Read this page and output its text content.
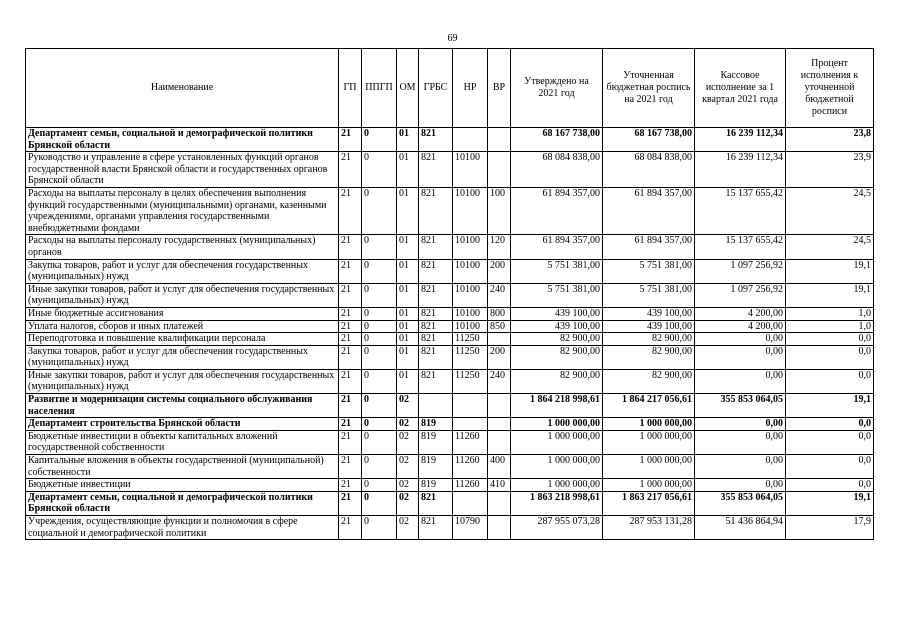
69
Наименование	ГП	ППГП	ОМ	ГРБС	НР	ВР	Утверждено на 2021 год	Уточненная бюджетная роспись на 2021 год	Кассовое исполнение за 1 квартал 2021 года	Процент исполнения к уточненной бюджетной росписи
Департамент семьи, социальной и демографической политики Брянской области	21	0	01	821			68 167 738,00	68 167 738,00	16 239 112,34	23,8
Руководство и управление в сфере установленных функций органов государственной власти Брянской области и государственных органов Брянской области	21	0	01	821	10100		68 084 838,00	68 084 838,00	16 239 112,34	23,9
Расходы на выплаты персоналу в целях обеспечения выполнения функций государственными (муниципальными) органами, казенными учреждениями, органами управления государственными внебюджетными фондами	21	0	01	821	10100	100	61 894 357,00	61 894 357,00	15 137 655,42	24,5
Расходы на выплаты персоналу государственных (муниципальных) органов	21	0	01	821	10100	120	61 894 357,00	61 894 357,00	15 137 655,42	24,5
Закупка товаров, работ и услуг для обеспечения государственных (муниципальных) нужд	21	0	01	821	10100	200	5 751 381,00	5 751 381,00	1 097 256,92	19,1
Иные закупки товаров, работ и услуг для обеспечения государственных (муниципальных) нужд	21	0	01	821	10100	240	5 751 381,00	5 751 381,00	1 097 256,92	19,1
Иные бюджетные ассигнования	21	0	01	821	10100	800	439 100,00	439 100,00	4 200,00	1,0
Уплата налогов, сборов и иных платежей	21	0	01	821	10100	850	439 100,00	439 100,00	4 200,00	1,0
Переподготовка и повышение квалификации персонала	21	0	01	821	11250		82 900,00	82 900,00	0,00	0,0
Закупка товаров, работ и услуг для обеспечения государственных (муниципальных) нужд	21	0	01	821	11250	200	82 900,00	82 900,00	0,00	0,0
Иные закупки товаров, работ и услуг для обеспечения государственных (муниципальных) нужд	21	0	01	821	11250	240	82 900,00	82 900,00	0,00	0,0
Развитие и модернизация системы социального обслуживания населения	21	0	02				1 864 218 998,61	1 864 217 056,61	355 853 064,05	19,1
Департамент строительства Брянской области	21	0	02	819			1 000 000,00	1 000 000,00	0,00	0,0
Бюджетные инвестиции в объекты капитальных вложений государственной собственности	21	0	02	819	11260		1 000 000,00	1 000 000,00	0,00	0,0
Капитальные вложения в объекты государственной (муниципальной) собственности	21	0	02	819	11260	400	1 000 000,00	1 000 000,00	0,00	0,0
Бюджетные инвестиции	21	0	02	819	11260	410	1 000 000,00	1 000 000,00	0,00	0,0
Департамент семьи, социальной и демографической политики Брянской области	21	0	02	821			1 863 218 998,61	1 863 217 056,61	355 853 064,05	19,1
Учреждения, осуществляющие функции и полномочия в сфере социальной и демографической политики	21	0	02	821	10790		287 955 073,28	287 953 131,28	51 436 864,94	17,9
